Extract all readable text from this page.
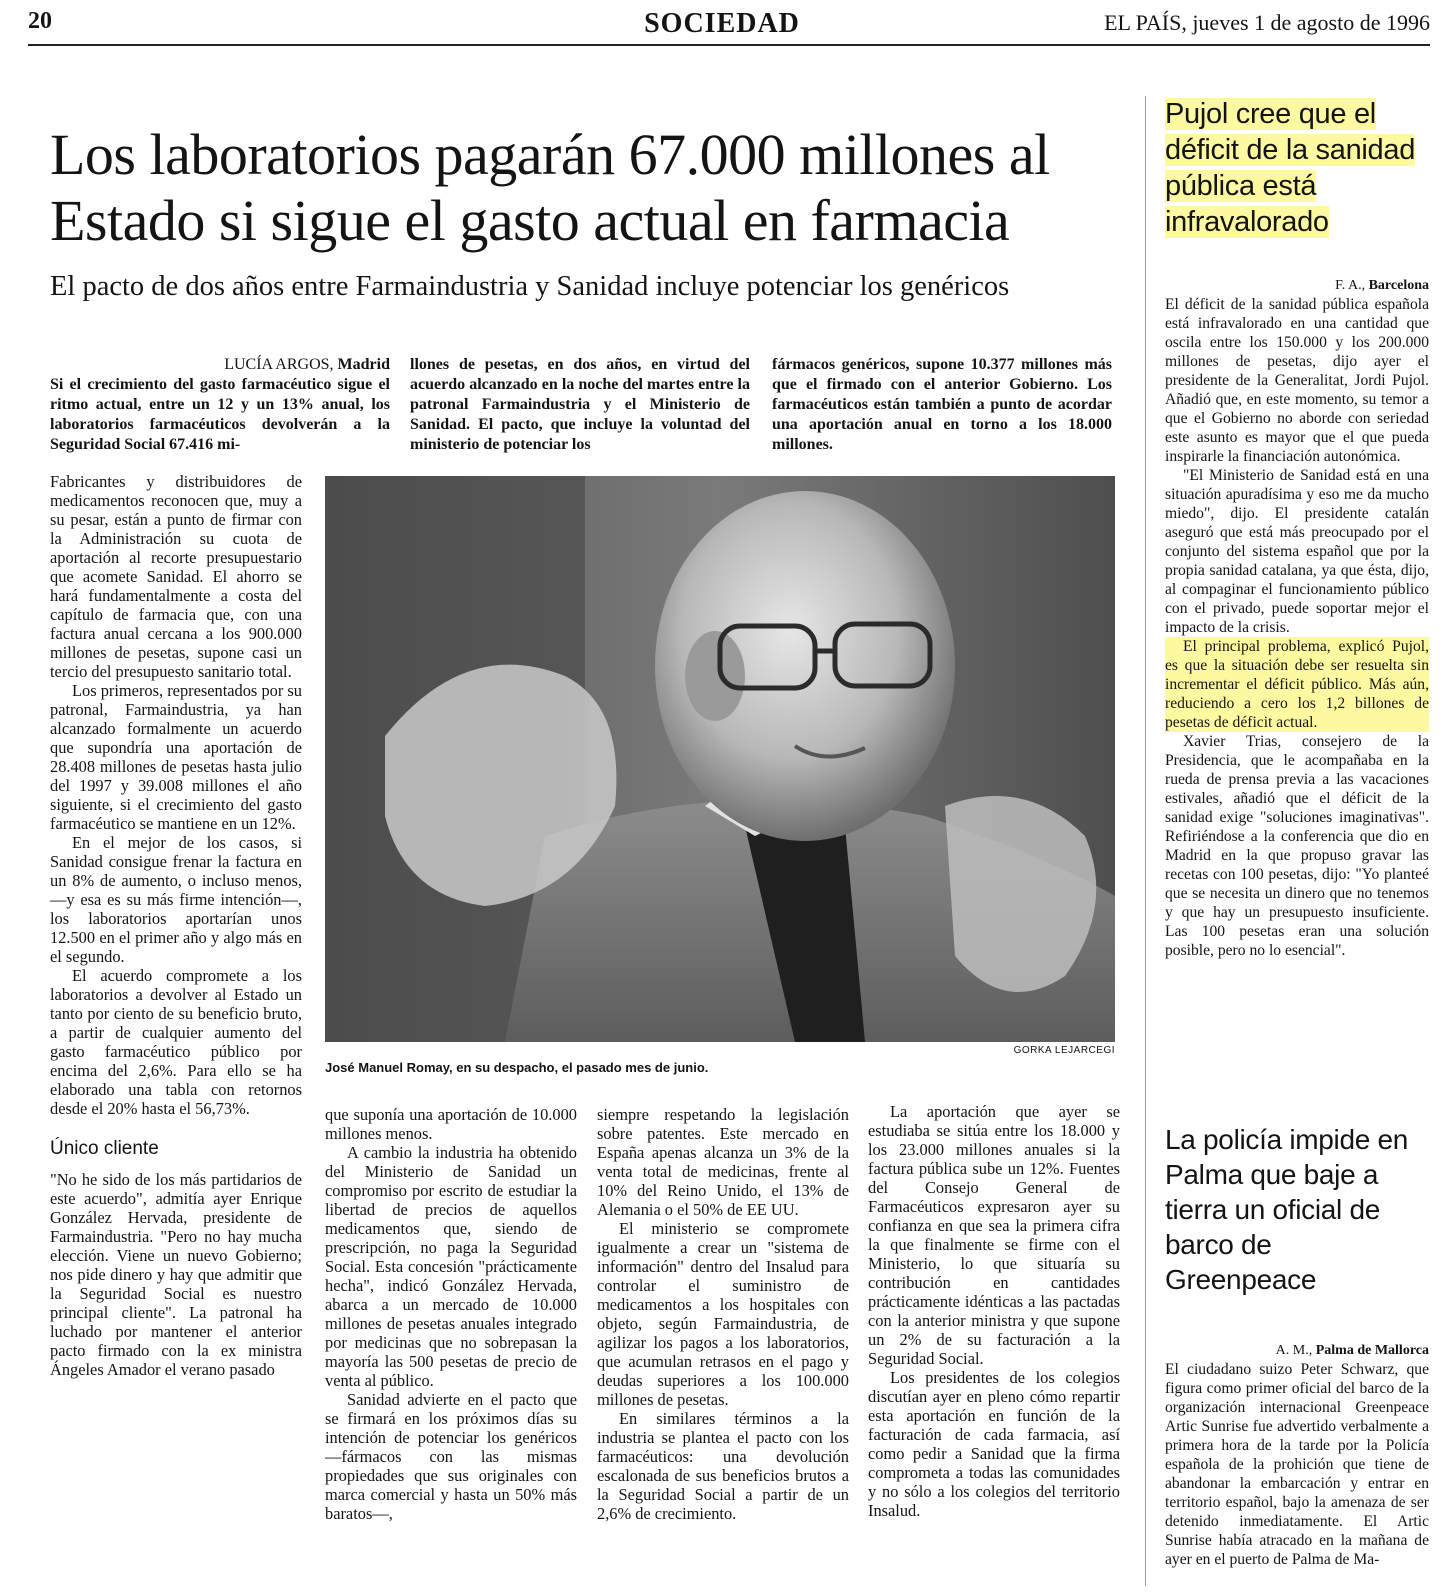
20	SOCIEDAD	EL PAÍS, jueves 1 de agosto de 1996
Los laboratorios pagarán 67.000 millones al Estado si sigue el gasto actual en farmacia
El pacto de dos años entre Farmaindustria y Sanidad incluye potenciar los genéricos

LUCÍA ARGOS, Madrid

Si el crecimiento del gasto farmacéutico sigue el ritmo actual, entre un 12 y un 13% anual, los laboratorios farmacéuticos devolverán a la Seguridad Social 67.416 mi-

llones de pesetas, en dos años, en virtud del acuerdo alcanzado en la noche del martes entre la patronal Farmaindustria y el Ministerio de Sanidad. El pacto, que incluye la voluntad del ministerio de potenciar los

fármacos genéricos, supone 10.377 millones más que el firmado con el anterior Gobierno. Los farmacéuticos están también a punto de acordar una aportación anual en torno a los 18.000 millones.

Fabricantes y distribuidores de medicamentos reconocen que, muy a su pesar, están a punto de firmar con la Administración su cuota de aportación al recorte presupuestario que acomete Sanidad. El ahorro se hará fundamentalmente a costa del capítulo de farmacia que, con una factura anual cercana a los 900.000 millones de pesetas, supone casi un tercio del presupuesto sanitario total.

Los primeros, representados por su patronal, Farmaindustria, ya han alcanzado formalmente un acuerdo que supondría una aportación de 28.408 millones de pesetas hasta julio del 1997 y 39.008 millones el año siguiente, si el crecimiento del gasto farmacéutico se mantiene en un 12%.

En el mejor de los casos, si Sanidad consigue frenar la factura en un 8% de aumento, o incluso menos, —y esa es su más firme intención—, los laboratorios aportarían unos 12.500 en el primer año y algo más en el segundo.

El acuerdo compromete a los laboratorios a devolver al Estado un tanto por ciento de su beneficio bruto, a partir de cualquier aumento del gasto farmacéutico público por encima del 2,6%. Para ello se ha elaborado una tabla con retornos desde el 20% hasta el 56,73%.

Único cliente

"No he sido de los más partidarios de este acuerdo", admitía ayer Enrique González Hervada, presidente de Farmaindustria. "Pero no hay mucha elección. Viene un nuevo Gobierno; nos pide dinero y hay que admitir que la Seguridad Social es nuestro principal cliente". La patronal ha luchado por mantener el anterior pacto firmado con la ex ministra Ángeles Amador el verano pasado

GORKA LEJARCEGI
José Manuel Romay, en su despacho, el pasado mes de junio.

que suponía una aportación de 10.000 millones menos.

A cambio la industria ha obtenido del Ministerio de Sanidad un compromiso por escrito de estudiar la libertad de precios de aquellos medicamentos que, siendo de prescripción, no paga la Seguridad Social. Esta concesión "prácticamente hecha", indicó González Hervada, abarca a un mercado de 10.000 millones de pesetas anuales integrado por medicinas que no sobrepasan la mayoría las 500 pesetas de precio de venta al público.

Sanidad advierte en el pacto que se firmará en los próximos días su intención de potenciar los genéricos —fármacos con las mismas propiedades que sus originales con marca comercial y hasta un 50% más baratos—,

siempre respetando la legislación sobre patentes. Este mercado en España apenas alcanza un 3% de la venta total de medicinas, frente al 10% del Reino Unido, el 13% de Alemania o el 50% de EE UU.

El ministerio se compromete igualmente a crear un "sistema de información" dentro del Insalud para controlar el suministro de medicamentos a los hospitales con objeto, según Farmaindustria, de agilizar los pagos a los laboratorios, que acumulan retrasos en el pago y deudas superiores a los 100.000 millones de pesetas.

En similares términos a la industria se plantea el pacto con los farmacéuticos: una devolución escalonada de sus beneficios brutos a la Seguridad Social a partir de un 2,6% de crecimiento.

La aportación que ayer se estudiaba se sitúa entre los 18.000 y los 23.000 millones anuales si la factura pública sube un 12%. Fuentes del Consejo General de Farmacéuticos expresaron ayer su confianza en que sea la primera cifra la que finalmente se firme con el Ministerio, lo que situaría su contribución en cantidades prácticamente idénticas a las pactadas con la anterior ministra y que supone un 2% de su facturación a la Seguridad Social.

Los presidentes de los colegios discutían ayer en pleno cómo repartir esta aportación en función de la facturación de cada farmacia, así como pedir a Sanidad que la firma comprometa a todas las comunidades y no sólo a los colegios del territorio Insalud.

Pujol cree que el déficit de la sanidad pública está infravalorado

F. A., Barcelona

El déficit de la sanidad pública española está infravalorado en una cantidad que oscila entre los 150.000 y los 200.000 millones de pesetas, dijo ayer el presidente de la Generalitat, Jordi Pujol. Añadió que, en este momento, su temor a que el Gobierno no aborde con seriedad este asunto es mayor que el que pueda inspirarle la financiación autonómica.

"El Ministerio de Sanidad está en una situación apuradísima y eso me da mucho miedo", dijo. El presidente catalán aseguró que está más preocupado por el conjunto del sistema español que por la propia sanidad catalana, ya que ésta, dijo, al compaginar el funcionamiento público con el privado, puede soportar mejor el impacto de la crisis.

El principal problema, explicó Pujol, es que la situación debe ser resuelta sin incrementar el déficit público. Más aún, reduciendo a cero los 1,2 billones de pesetas de déficit actual.

Xavier Trias, consejero de la Presidencia, que le acompañaba en la rueda de prensa previa a las vacaciones estivales, añadió que el déficit de la sanidad exige "soluciones imaginativas". Refiriéndose a la conferencia que dio en Madrid en la que propuso gravar las recetas con 100 pesetas, dijo: "Yo planteé que se necesita un dinero que no tenemos y que hay un presupuesto insuficiente. Las 100 pesetas eran una solución posible, pero no lo esencial".

La policía impide en Palma que baje a tierra un oficial de barco de Greenpeace

A. M., Palma de Mallorca

El ciudadano suizo Peter Schwarz, que figura como primer oficial del barco de la organización internacional Greenpeace Artic Sunrise fue advertido verbalmente a primera hora de la tarde por la Policía española de la prohición que tiene de abandonar la embarcación y entrar en territorio español, bajo la amenaza de ser detenido inmediatamente. El Artic Sunrise había atracado en la mañana de ayer en el puerto de Palma de Ma-
